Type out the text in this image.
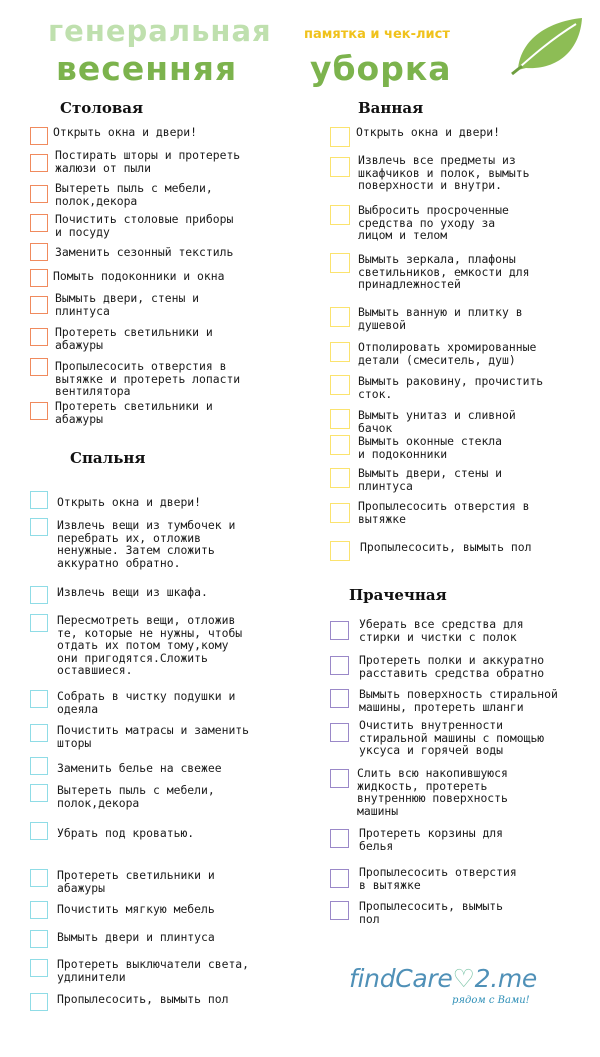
генеральная памятка и чек-лист
весенняя уборка
Столовая
Спальня
Ванная
Прачечная
Открыть окна и двери!
Постирать шторы и протереть
жалюзи от пыли
Вытереть пыль с мебели,
полок,декора
Почистить столовые приборы
и посуду
Заменить сезонный текстиль
Помыть подоконники и окна
Вымыть двери, стены и
плинтуса
Протереть светильники и
абажуры
Пропылесосить отверстия в
вытяжке и протереть лопасти
вентилятора
Протереть светильники и
абажуры
Открыть окна и двери!
Извлечь вещи из тумбочек и
перебрать их, отложив
ненужные. Затем сложить
аккуратно обратно.
Извлечь вещи из шкафа.
Пересмотреть вещи, отложив
те, которые не нужны, чтобы
отдать их потом тому,кому
они пригодятся.Сложить
оставшиеся.
Собрать в чистку подушки и
одеяла
Почистить матрасы и заменить
шторы
Заменить белье на свежее
Вытереть пыль с мебели,
полок,декора
Убрать под кроватью.
Протереть светильники и
абажуры
Почистить мягкую мебель
Вымыть двери и плинтуса
Протереть выключатели света,
удлинители
Пропылесосить, вымыть пол
Открыть окна и двери!
Извлечь все предметы из
шкафчиков и полок, вымыть
поверхности и внутри.
Выбросить просроченные
средства по уходу за
лицом и телом
Вымыть зеркала, плафоны
светильников, емкости для
принадлежностей
Вымыть ванную и плитку в
душевой
Отполировать хромированные
детали (смеситель, душ)
Вымыть раковину, прочистить
сток.
Вымыть унитаз и сливной
бачок
Вымыть оконные стекла
и подоконники
Вымыть двери, стены и
плинтуса
Пропылесосить отверстия в
вытяжке
Пропылесосить, вымыть пол
Уберать все средства для
стирки и чистки с полок
Протереть полки и аккуратно
расставить средства обратно
Вымыть поверхность стиральной
машины, протереть шланги
Очистить внутренности
стиральной машины с помощью
уксуса и горячей воды
Слить всю накопившуюся
жидкость, протереть
внутреннюю поверхность
машины
Протереть корзины для
белья
Пропылесосить отверстия
в вытяжке
Пропылесосить, вымыть
пол
findCare♡2.me
рядом с Вами!
